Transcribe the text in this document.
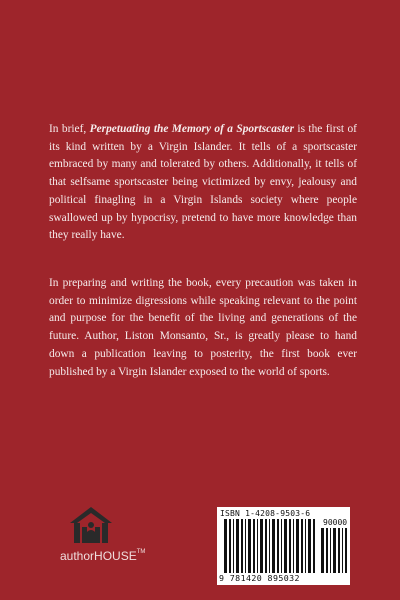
In brief, Perpetuating the Memory of a Sportscaster is the first of its kind written by a Virgin Islander. It tells of a sportscaster embraced by many and tolerated by others. Additionally, it tells of that selfsame sportscaster being victimized by envy, jealousy and political finagling in a Virgin Islands society where people swallowed up by hypocrisy, pretend to have more knowledge than they really have.

In preparing and writing the book, every precaution was taken in order to minimize digressions while speaking relevant to the point and purpose for the benefit of the living and generations of the future. Author, Liston Monsanto, Sr., is greatly please to hand down a publication leaving to posterity, the first book ever published by a Virgin Islander exposed to the world of sports.

authorHOUSE™
ISBN 1-4208-9503-6
90000
9 781420 895032
